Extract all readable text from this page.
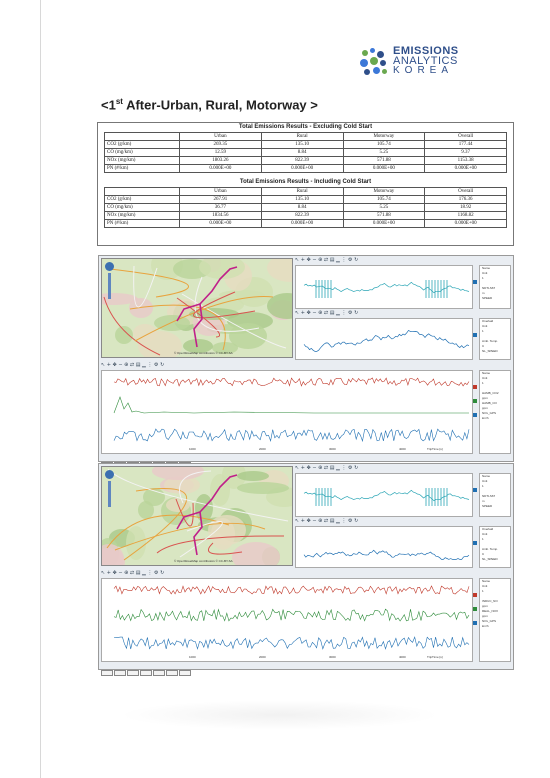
EMISSIONS
ANALYTICS
KOREA
<1st After-Urban, Rural, Motorway >
Total Emissions Results - Excluding Cold Start
	Urban	Rural	Motorway	Overall
CO2 (g/km)	269.35	135.10	105.74	177.44
CO (mg/km)	12.59	8.84	5.25	9.37
NOx (mg/km)	1803.26	822.39	571.88	1153.38
PN (#/km)	0.000E+00	0.000E+00	0.000E+00	0.000E+00
Total Emissions Results - Including Cold Start
	Urban	Rural	Motorway	Overall
CO2 (g/km)	267.91	135.10	105.74	176.36
CO (mg/km)	36.77	8.84	5.25	18.92
NOx (mg/km)	1834.56	822.39	571.88	1168.82
PN (#/km)	0.000E+00	0.000E+00	0.000E+00	0.000E+00
© OpenStreetMap contributors © CC-BY-SA
↖ + ✥ − ⊕ ⇄ ▤ ▁ ⋮ ⚙ ↻
Name
Unit
1
NDTLS67
m
SPEED
↖ + ✥ − ⊕ ⇄ ▤ ▁ ⋮ ⚙ ↻
Overlaid
Unit
1
Amb. Temp.
C
NL_SPEED
↖ + ✥ − ⊕ ⇄ ▤ ▁ ⋮ ⚙ ↻
1000	2000	3000	4000	TripTime [s]
Name
Unit
1
HAMB_CO2
ppm
HAMB_CO
ppm
NOx_GPS
km/h
© OpenStreetMap contributors © CC-BY-SA
↖ + ✥ − ⊕ ⇄ ▤ ▁ ⋮ ⚙ ↻
Name
Unit
1
NDTLS67
m
SPEED
↖ + ✥ − ⊕ ⇄ ▤ ▁ ⋮ ⚙ ↻
Overlaid
Unit
1
Amb. Temp.
C
NL_SPEED
↖ + ✥ − ⊕ ⇄ ▤ ▁ ⋮ ⚙ ↻
1000	2000	3000	4000	TripTime [s]
Name
Unit
1
INDUC_NO
ppm
REAL_NOX
ppm
NOx_GPS
km/h
